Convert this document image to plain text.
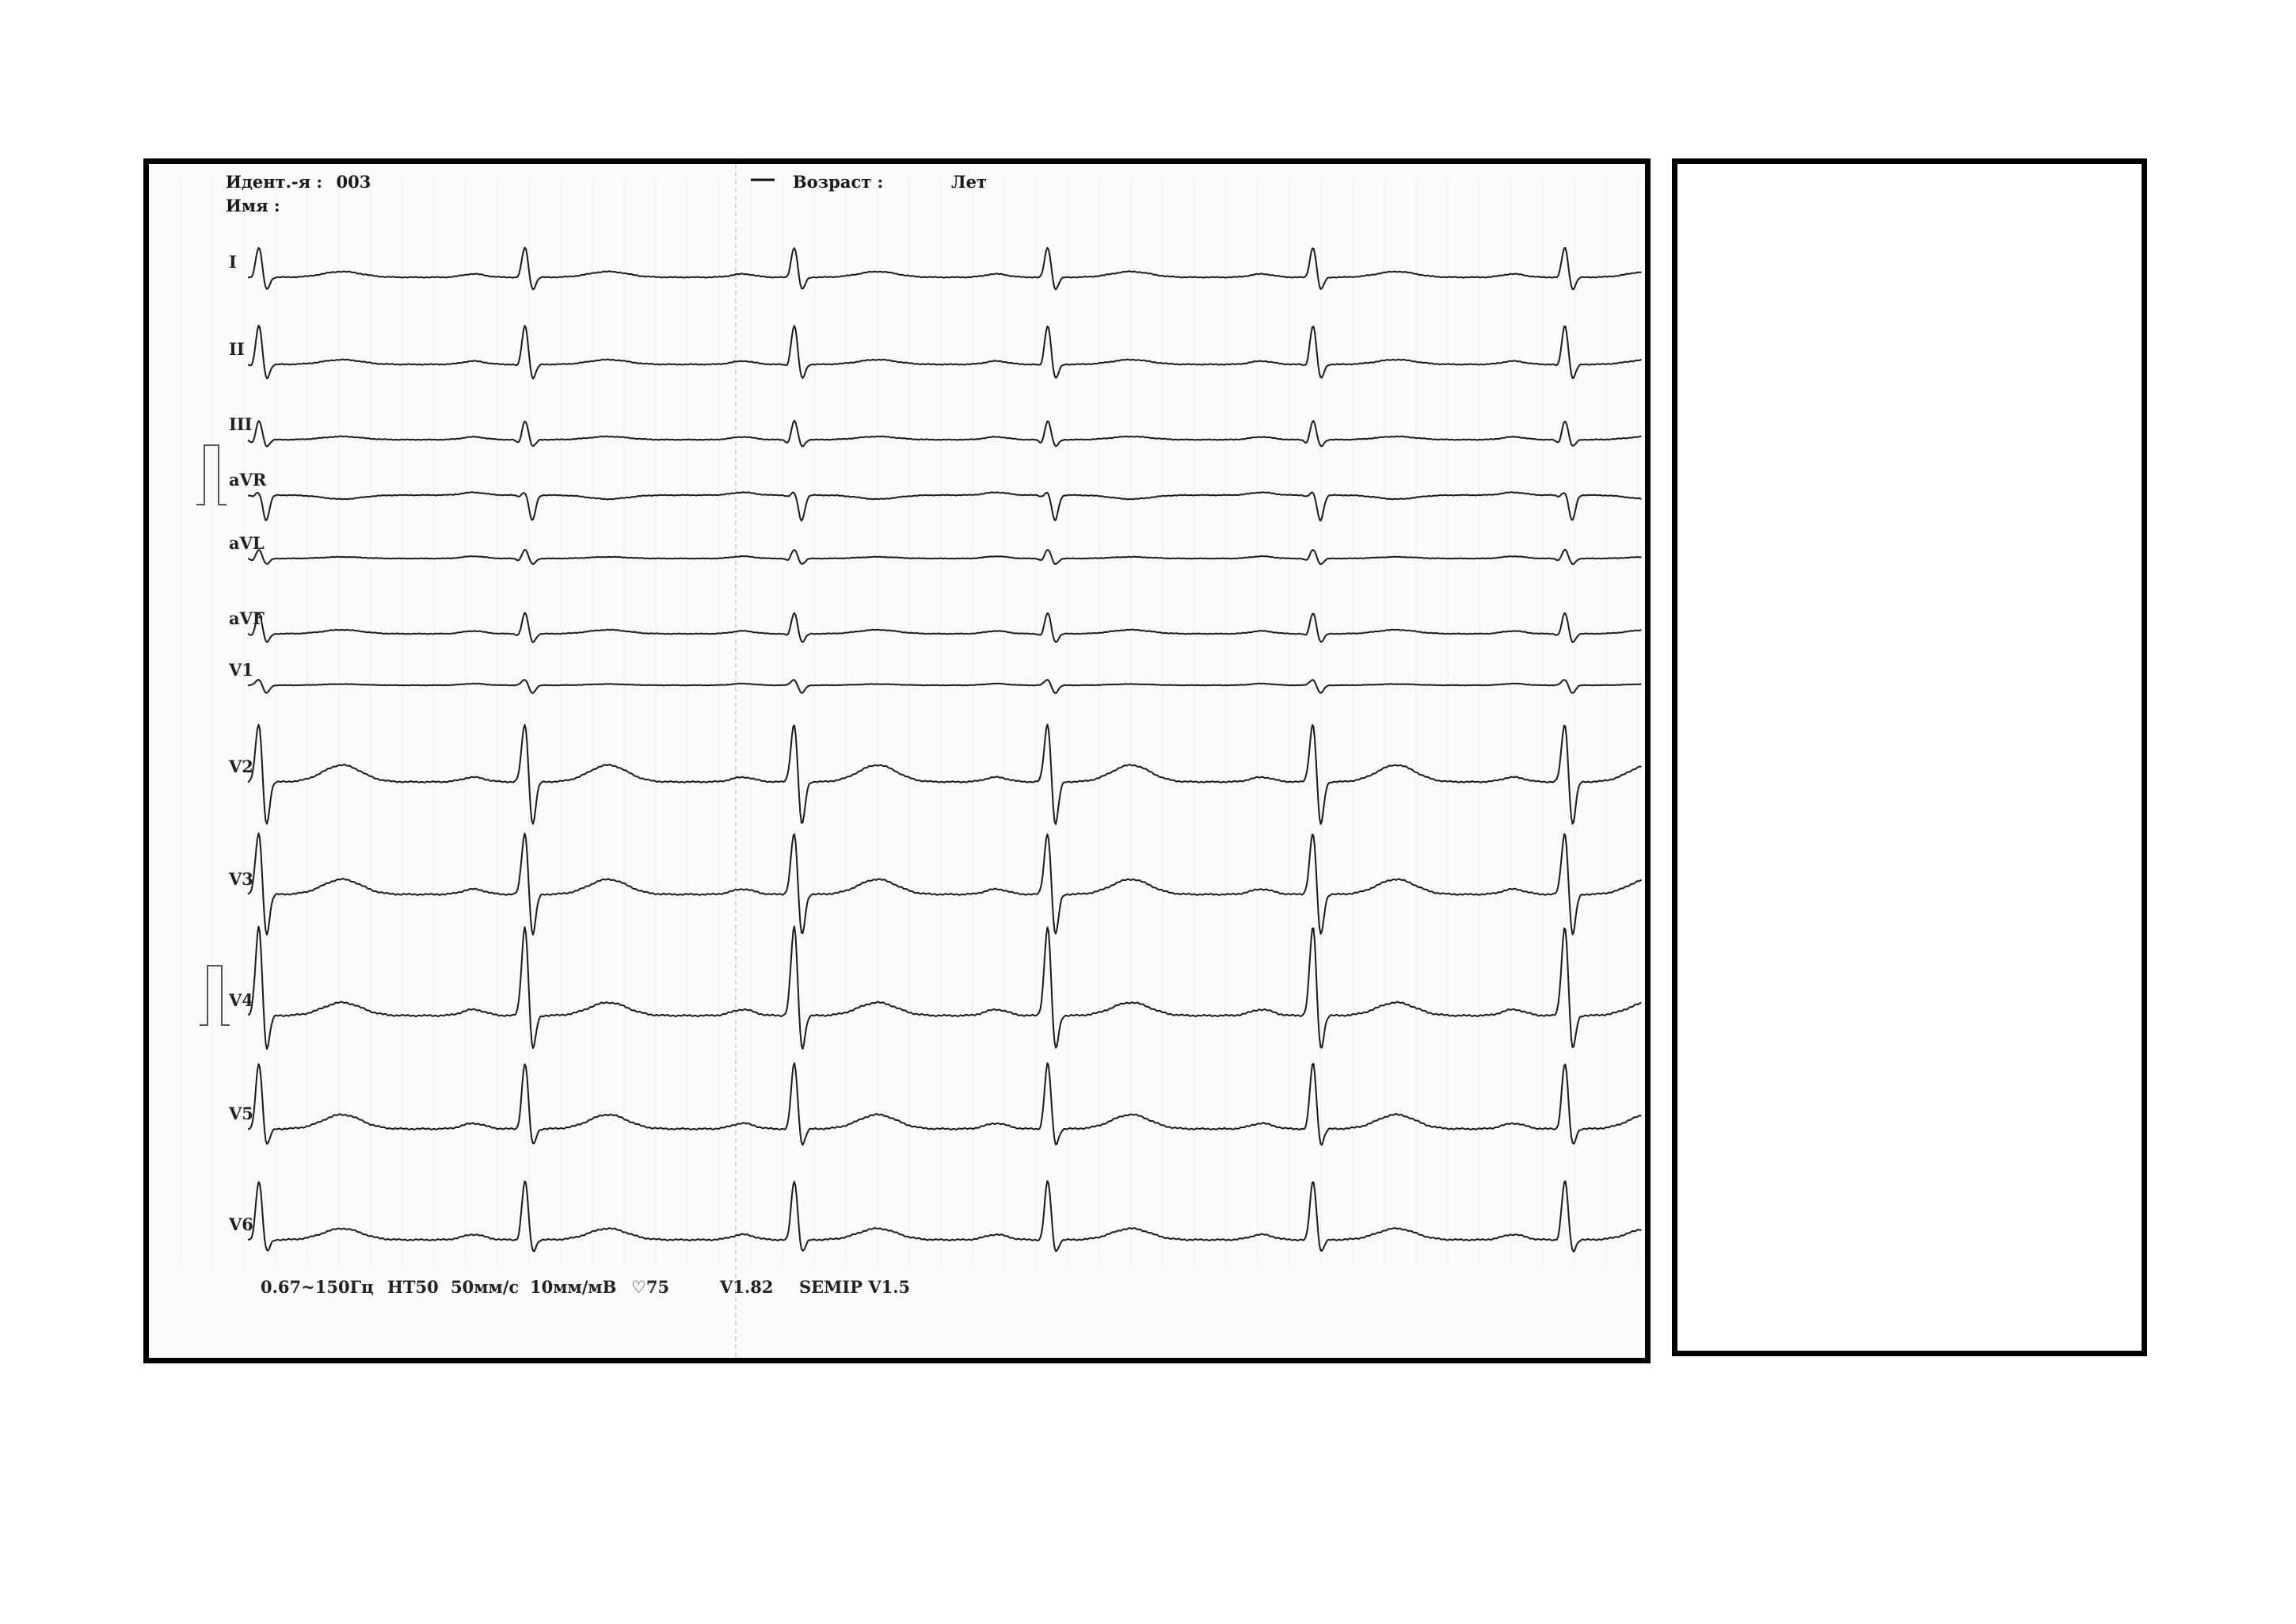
I
II
III
aVR
aVL
aVF
V1
V2
V3
V4
V5
V6
Идент.-я : 003
Имя :
Возраст :	Лет
0.67~150Гц НТ50 50мм/с 10мм/мВ ♡75	V1.82 SEMIP V1.5
